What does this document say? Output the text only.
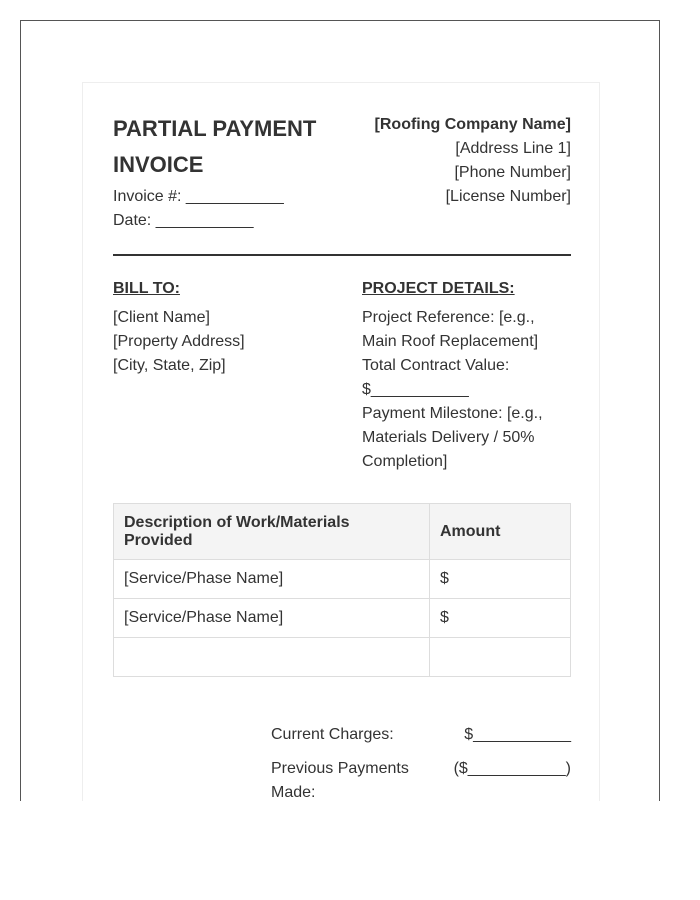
PARTIAL PAYMENT
INVOICE
Invoice #: ___________
Date: ___________
[Roofing Company Name]
[Address Line 1]
[Phone Number]
[License Number]
BILL TO:
[Client Name]
[Property Address]
[City, State, Zip]
PROJECT DETAILS:
Project Reference: [e.g., Main Roof Replacement]
Total Contract Value: $___________
Payment Milestone: [e.g., Materials Delivery / 50% Completion]
Description of Work/Materials Provided	Amount
[Service/Phase Name]	$
[Service/Phase Name]	$

Current Charges:	$___________
Previous Payments Made:
($___________)
